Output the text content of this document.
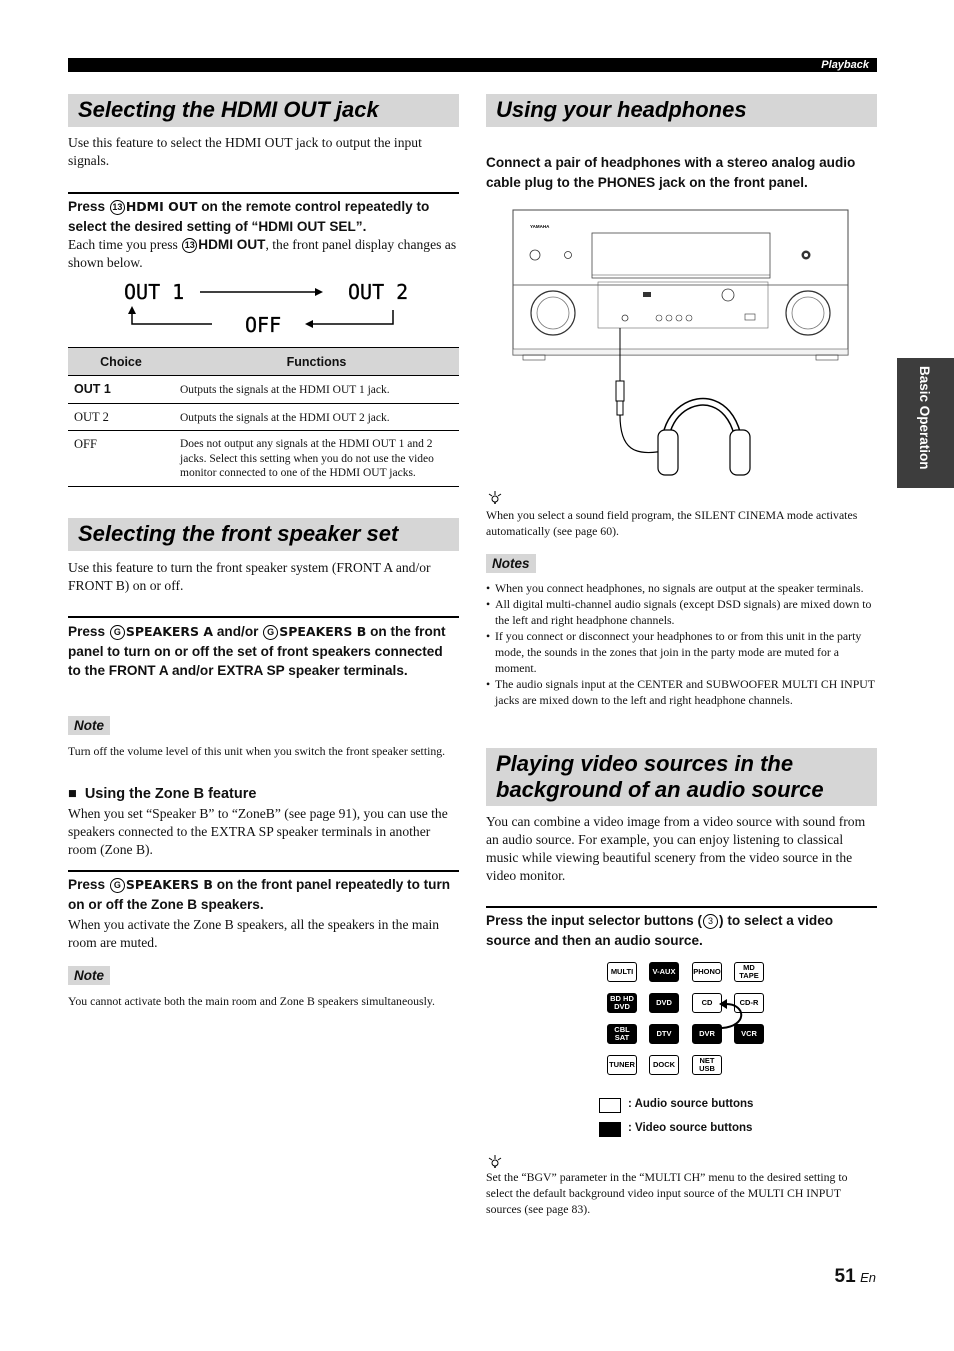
Playback
Basic Operation
Selecting the HDMI OUT jack
Use this feature to select the HDMI OUT jack to output the input signals.
Press 13 HDMI OUT on the remote control repeatedly to select the desired setting of “HDMI OUT SEL”.
Each time you press 13 HDMI OUT, the front panel display changes as shown below.
OUT 1	OUT 2
OFF
Choice	Functions
OUT 1	Outputs the signals at the HDMI OUT 1 jack.
OUT 2	Outputs the signals at the HDMI OUT 2 jack.
OFF	Does not output any signals at the HDMI OUT 1 and 2 jacks. Select this setting when you do not use the video monitor connected to one of the HDMI OUT jacks.
Selecting the front speaker set
Use this feature to turn the front speaker system (FRONT A and/or FRONT B) on or off.
Press G SPEAKERS A and/or G SPEAKERS B on the front panel to turn on or off the set of front speakers connected to the FRONT A and/or EXTRA SP speaker terminals.
Note
Turn off the volume level of this unit when you switch the front speaker setting.
■ Using the Zone B feature
When you set “Speaker B” to “ZoneB” (see page 91), you can use the speakers connected to the EXTRA SP speaker terminals in another room (Zone B).
Press G SPEAKERS B on the front panel repeatedly to turn on or off the Zone B speakers.
When you activate the Zone B speakers, all the speakers in the main room are muted.
Note
You cannot activate both the main room and Zone B speakers simultaneously.
Using your headphones
Connect a pair of headphones with a stereo analog audio cable plug to the PHONES jack on the front panel.
YAMAHA
When you select a sound field program, the SILENT CINEMA mode activates automatically (see page 60).
Notes
• When you connect headphones, no signals are output at the speaker terminals.
• All digital multi-channel audio signals (except DSD signals) are mixed down to the left and right headphone channels.
• If you connect or disconnect your headphones to or from this unit in the party mode, the sounds in the zones that join in the party mode are muted for a moment.
• The audio signals input at the CENTER and SUBWOOFER MULTI CH INPUT jacks are mixed down to the left and right headphone channels.
Playing video sources in the background of an audio source
You can combine a video image from a video source with sound from an audio source. For example, you can enjoy listening to classical music while viewing beautiful scenery from the video source in the video monitor.
Press the input selector buttons ( 3 ) to select a video source and then an audio source.
MULTI	V-AUX	PHONO	MD TAPE
BD HD DVD	DVD	CD	CD-R
CBL SAT	DTV	DVR	VCR
TUNER	DOCK	NET USB
: Audio source buttons
: Video source buttons
Set the “BGV” parameter in the “MULTI CH” menu to the desired setting to select the default background video input source of the MULTI CH INPUT sources (see page 83).
51 En
